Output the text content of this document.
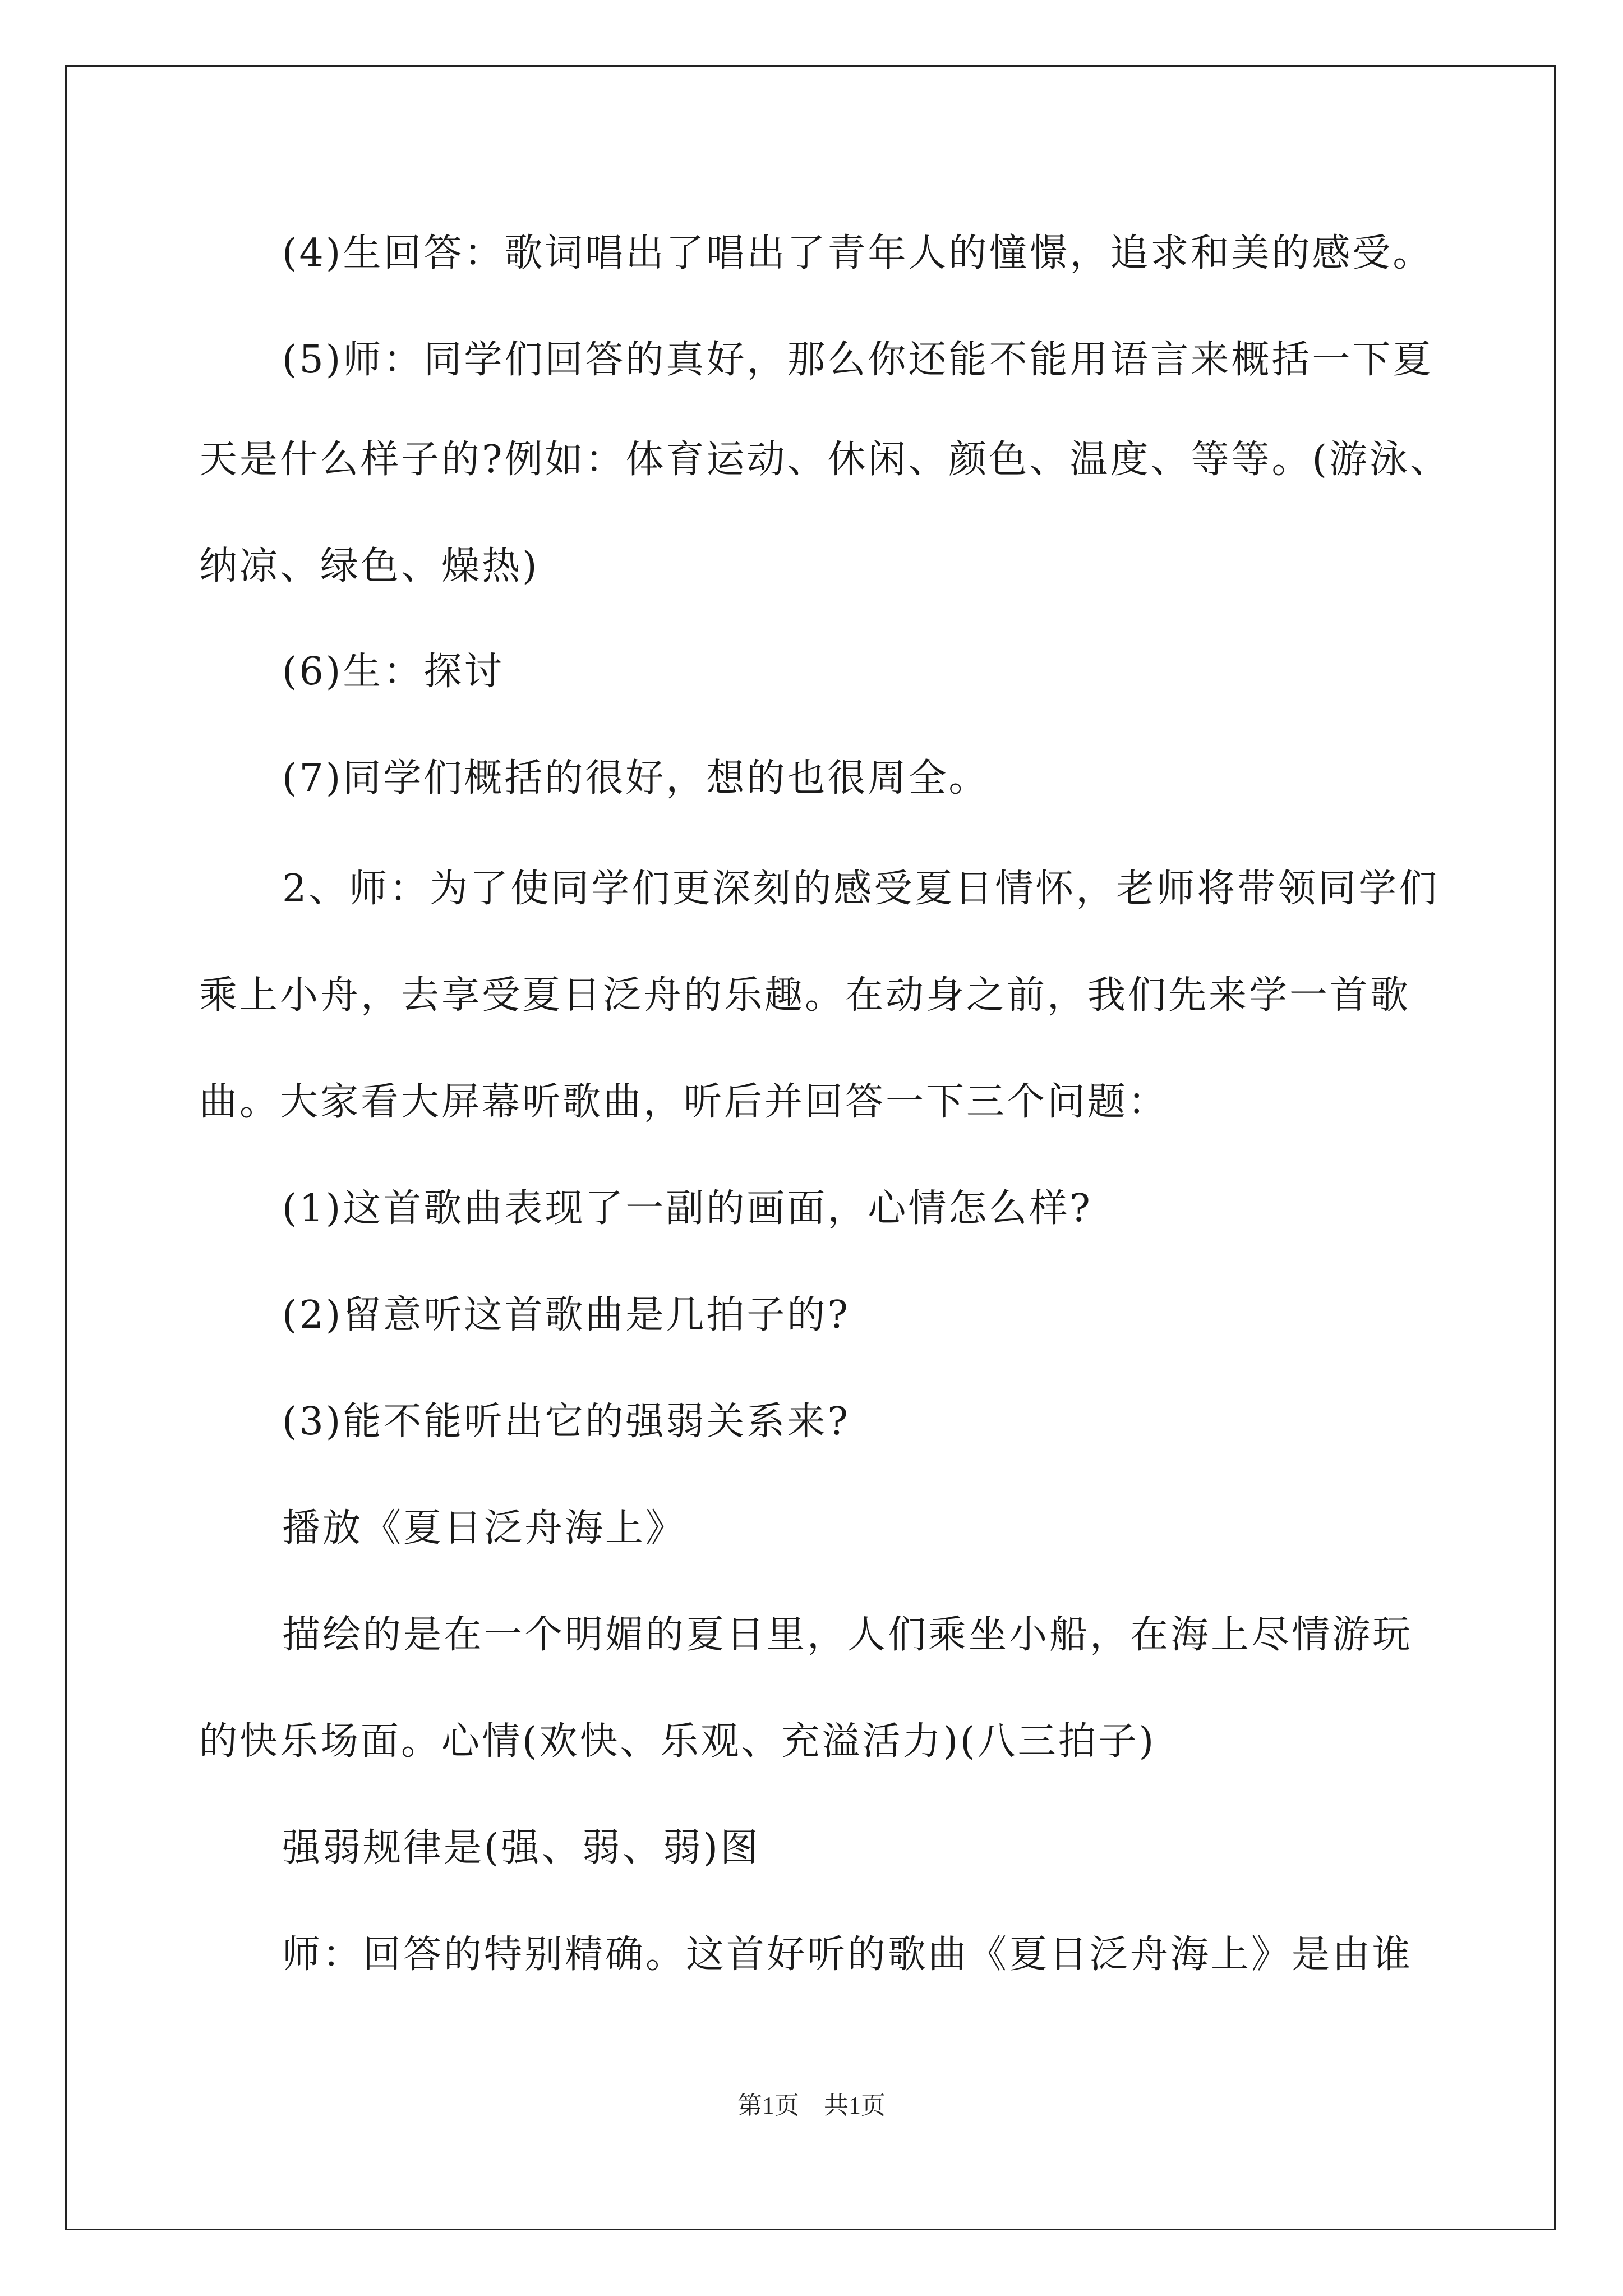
(4)生回答：歌词唱出了唱出了青年人的憧憬，追求和美的感受。
(5)师：同学们回答的真好，那么你还能不能用语言来概括一下夏
天是什么样子的?例如：体育运动、休闲、颜色、温度、等等。(游泳、
纳凉、绿色、燥热)
(6)生：探讨
(7)同学们概括的很好，想的也很周全。
2、师：为了使同学们更深刻的感受夏日情怀，老师将带领同学们
乘上小舟，去享受夏日泛舟的乐趣。在动身之前，我们先来学一首歌
曲。大家看大屏幕听歌曲，听后并回答一下三个问题：
(1)这首歌曲表现了一副的画面，心情怎么样?
(2)留意听这首歌曲是几拍子的?
(3)能不能听出它的强弱关系来?
播放《夏日泛舟海上》
描绘的是在一个明媚的夏日里，人们乘坐小船，在海上尽情游玩
的快乐场面。心情(欢快、乐观、充溢活力)(八三拍子)
强弱规律是(强、弱、弱)图
师：回答的特别精确。这首好听的歌曲《夏日泛舟海上》是由谁
第1页　共1页
